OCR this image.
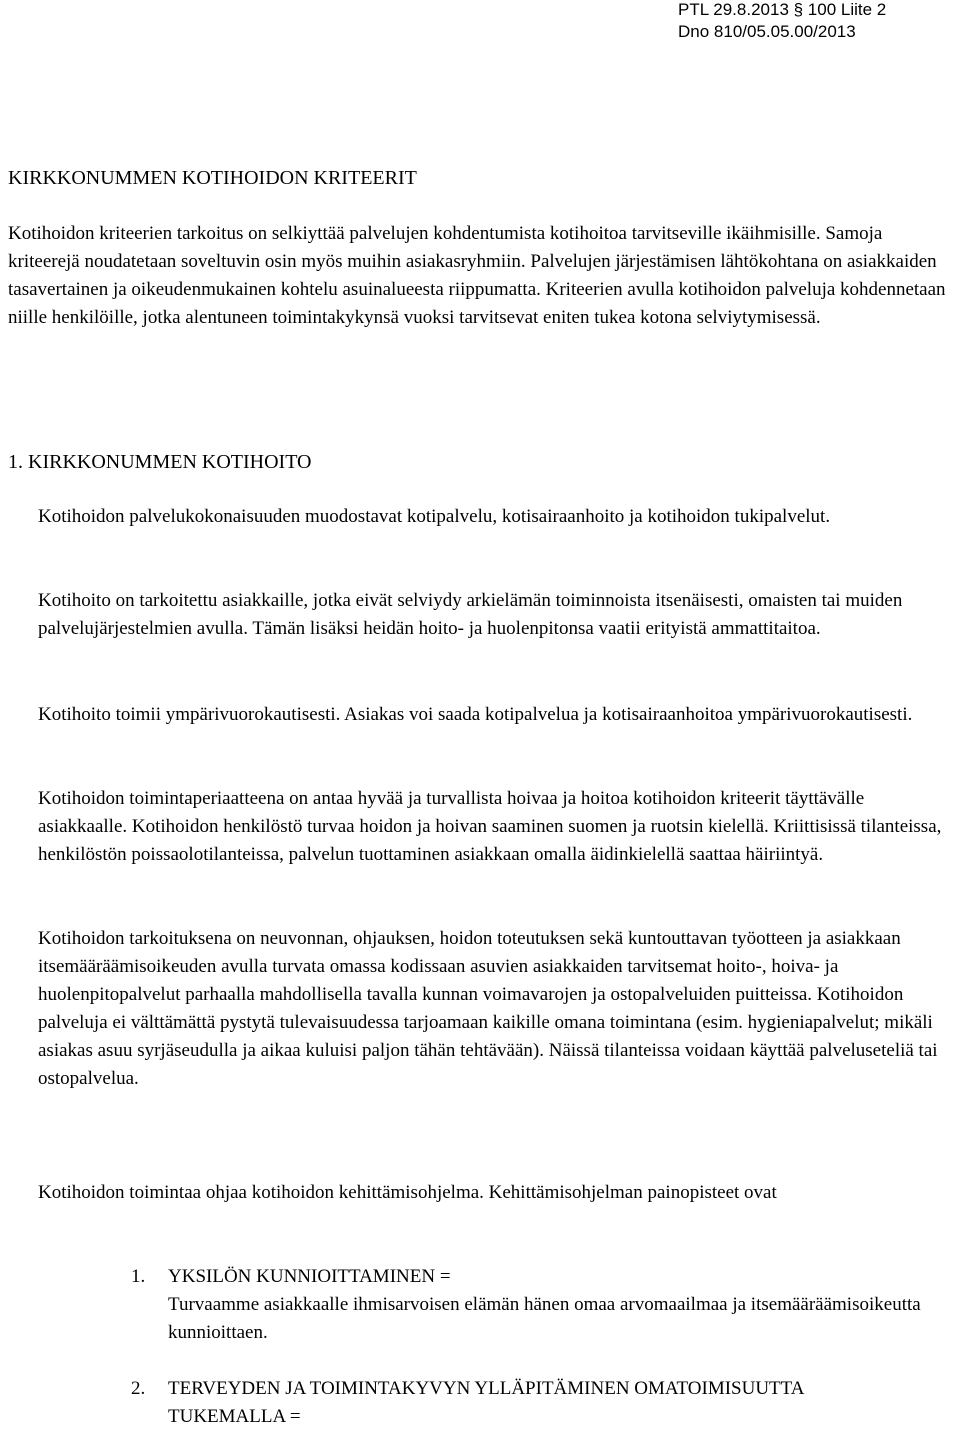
PTL 29.8.2013 § 100 Liite 2
Dno 810/05.05.00/2013
KIRKKONUMMEN KOTIHOIDON KRITEERIT

Kotihoidon kriteerien tarkoitus on selkiyttää palvelujen kohdentumista kotihoitoa tarvitseville ikäihmisille. Samoja kriteerejä noudatetaan soveltuvin osin myös muihin asiakasryhmiin. Palvelujen järjestämisen lähtökohtana on asiakkaiden tasavertainen ja oikeudenmukainen kohtelu asuinalueesta riippumatta. Kriteerien avulla kotihoidon palveluja kohdennetaan niille henkilöille, jotka alentuneen toimintakykynsä vuoksi tarvitsevat eniten tukea kotona selviytymisessä.

1. KIRKKONUMMEN KOTIHOITO

Kotihoidon palvelukokonaisuuden muodostavat kotipalvelu, kotisairaanhoito ja kotihoidon tukipalvelut.

Kotihoito on tarkoitettu asiakkaille, jotka eivät selviydy arkielämän toiminnoista itsenäisesti, omaisten tai muiden palvelujärjestelmien avulla. Tämän lisäksi heidän hoito- ja huolenpitonsa vaatii erityistä ammattitaitoa.

Kotihoito toimii ympärivuorokautisesti. Asiakas voi saada kotipalvelua ja kotisairaanhoitoa ympärivuorokautisesti.

Kotihoidon toimintaperiaatteena on antaa hyvää ja turvallista hoivaa ja hoitoa kotihoidon kriteerit täyttävälle asiakkaalle. Kotihoidon henkilöstö turvaa hoidon ja hoivan saaminen suomen ja ruotsin kielellä. Kriittisissä tilanteissa, henkilöstön poissaolotilanteissa, palvelun tuottaminen asiakkaan omalla äidinkielellä saattaa häiriintyä.

Kotihoidon tarkoituksena on neuvonnan, ohjauksen, hoidon toteutuksen sekä kuntouttavan työotteen ja asiakkaan itsemääräämisoikeuden avulla turvata omassa kodissaan asuvien asiakkaiden tarvitsemat hoito-, hoiva- ja huolenpitopalvelut parhaalla mahdollisella tavalla kunnan voimavarojen ja ostopalveluiden puitteissa. Kotihoidon palveluja ei välttämättä pystytä tulevaisuudessa tarjoamaan kaikille omana toimintana (esim. hygieniapalvelut; mikäli asiakas asuu syrjäseudulla ja aikaa kuluisi paljon tähän tehtävään). Näissä tilanteissa voidaan käyttää palveluseteliä tai ostopalvelua.

Kotihoidon toimintaa ohjaa kotihoidon kehittämisohjelma. Kehittämisohjelman painopisteet ovat

1. YKSILÖN KUNNIOITTAMINEN =
Turvaamme asiakkaalle ihmisarvoisen elämän hänen omaa arvomaailmaa ja itsemääräämisoikeutta kunnioittaen.
2. TERVEYDEN JA TOIMINTAKYVYN YLLÄPITÄMINEN OMATOIMISUUTTA TUKEMALLA =
